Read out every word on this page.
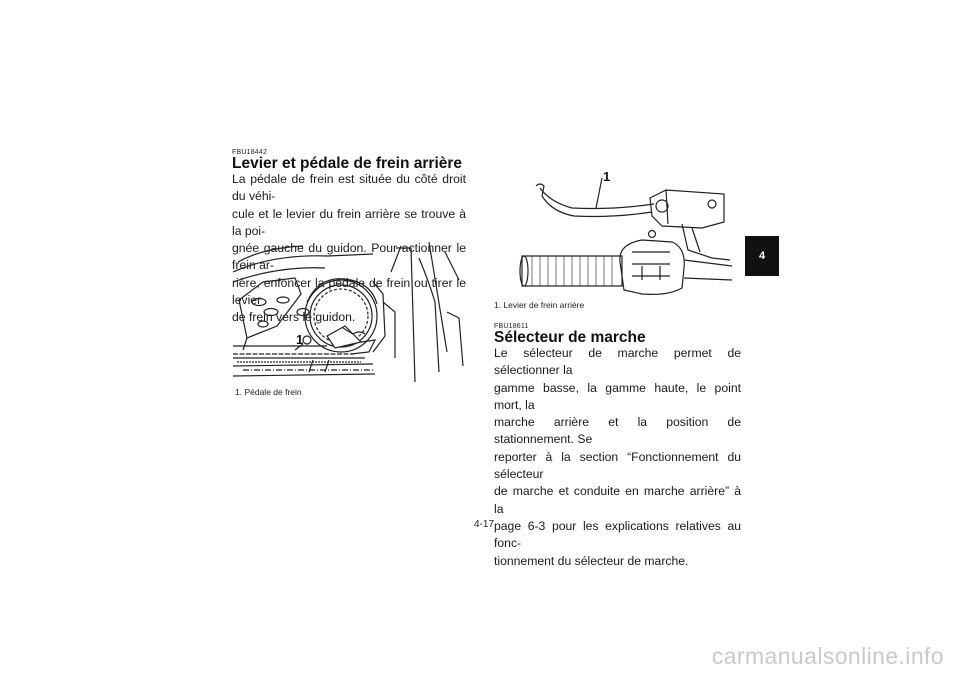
FBU18442
Levier et pédale de frein arrière
La pédale de frein est située du côté droit du véhi-
cule et le levier du frein arrière se trouve à la poi-
gnée gauche du guidon. Pour actionner le frein ar-
rière, enfoncer la pédale de frein ou tirer le levier
de frein vers le guidon.
1
1. Pédale de frein
1
1. Levier de frein arrière
FBU18611
Sélecteur de marche
Le sélecteur de marche permet de sélectionner la
gamme basse, la gamme haute, le point mort, la
marche arrière et la position de stationnement. Se
reporter à la section “Fonctionnement du sélecteur
de marche et conduite en marche arrière” à la
page 6-3 pour les explications relatives au fonc-
tionnement du sélecteur de marche.
4
4-17
carmanualsonline.info
